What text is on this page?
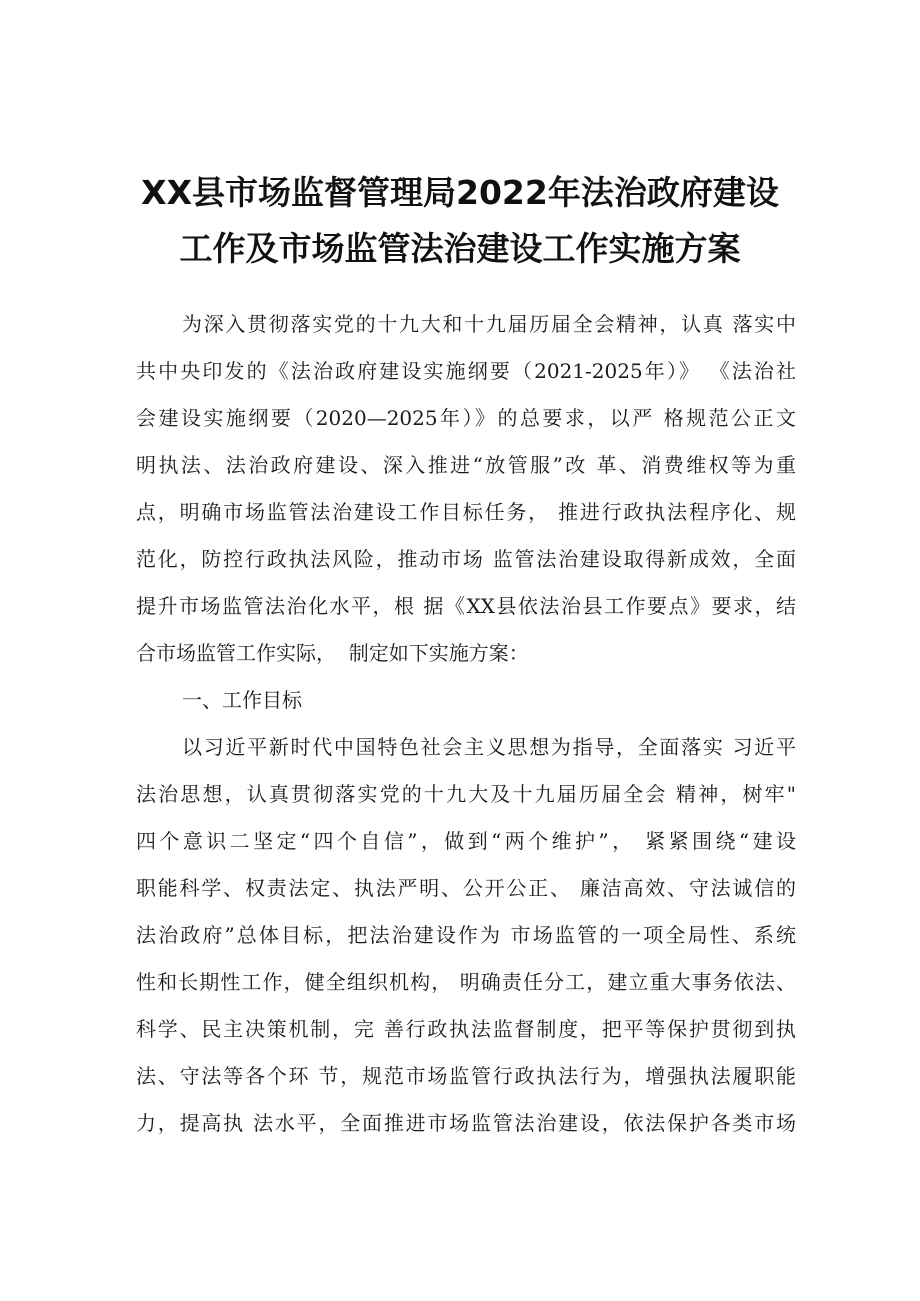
XX县市场监督管理局2022年法治政府建设
工作及市场监管法治建设工作实施方案
为深入贯彻落实党的十九大和十九届历届全会精神，认真 落实中
共中央印发的《法治政府建设实施纲要（2021-2025年）》 《法治社
会建设实施纲要（2020—2025年）》的总要求，以严 格规范公正文
明执法、法治政府建设、深入推进“放管服”改 革、消费维权等为重
点，明确市场监管法治建设工作目标任务， 推进行政执法程序化、规
范化，防控行政执法风险，推动市场 监管法治建设取得新成效，全面
提升市场监管法治化水平，根 据《XX县依法治县工作要点》要求，结
合市场监管工作实际，  制定如下实施方案：
一、工作目标
以习近平新时代中国特色社会主义思想为指导，全面落实 习近平
法治思想，认真贯彻落实党的十九大及十九届历届全会 精神，树牢"
四个意识二坚定“四个自信”，做到“两个维护”， 紧紧围绕“建设
职能科学、权责法定、执法严明、公开公正、 廉洁高效、守法诚信的
法治政府”总体目标，把法治建设作为 市场监管的一项全局性、系统
性和长期性工作，健全组织机构， 明确责任分工，建立重大事务依法、
科学、民主决策机制，完 善行政执法监督制度，把平等保护贯彻到执
法、守法等各个环 节，规范市场监管行政执法行为，增强执法履职能
力，提高执 法水平，全面推进市场监管法治建设，依法保护各类市场
